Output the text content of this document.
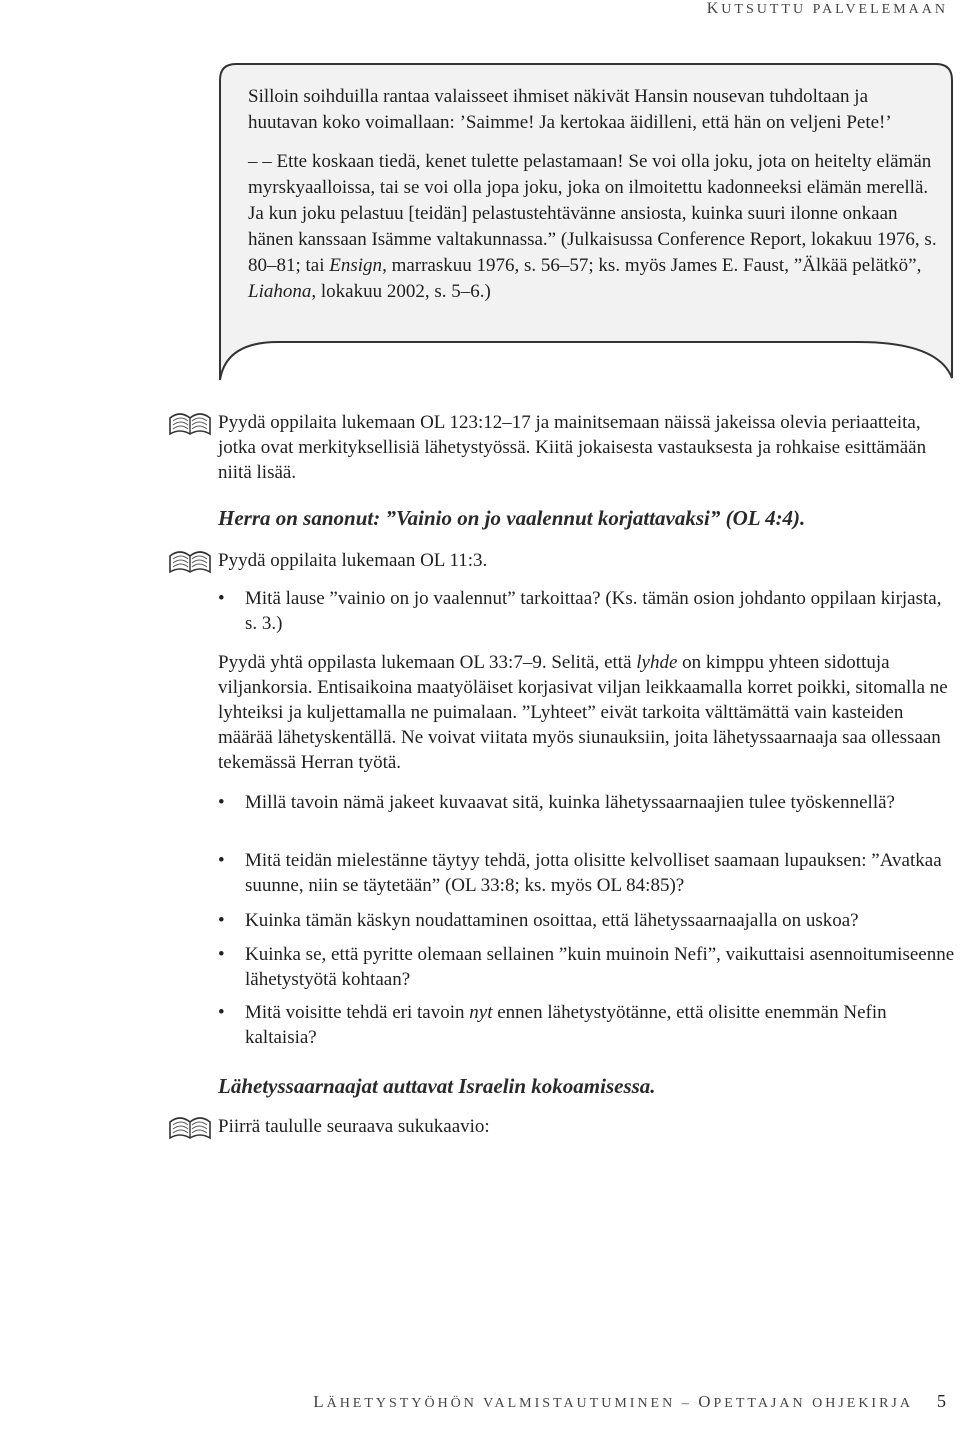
KUTSUTTU PALVELEMAAN

Silloin soihduilla rantaa valaisseet ihmiset näkivät Hansin nousevan tuhdoltaan ja huutavan koko voimallaan: ’Saimme! Ja kertokaa äidilleni, että hän on veljeni Pete!’

– – Ette koskaan tiedä, kenet tulette pelastamaan! Se voi olla joku, jota on heitelty elämän myrskyaalloissa, tai se voi olla jopa joku, joka on ilmoitettu kadonneeksi elämän merellä. Ja kun joku pelastuu [teidän] pelastustehtävänne ansiosta, kuinka suuri ilonne onkaan hänen kanssaan Isämme valtakunnassa.” (Julkaisussa Conference Report, lokakuu 1976, s. 80–81; tai Ensign, marraskuu 1976, s. 56–57; ks. myös James E. Faust, ”Älkää pelätkö”, Liahona, lokakuu 2002, s. 5–6.)

Pyydä oppilaita lukemaan OL 123:12–17 ja mainitsemaan näissä jakeissa olevia periaatteita, jotka ovat merkityksellisiä lähetystyössä. Kiitä jokaisesta vastauksesta ja rohkaise esittämään niitä lisää.

Herra on sanonut: ”Vainio on jo vaalennut korjattavaksi” (OL 4:4).

Pyydä oppilaita lukemaan OL 11:3.

• Mitä lause ”vainio on jo vaalennut” tarkoittaa? (Ks. tämän osion johdanto oppilaan kirjasta, s. 3.)

Pyydä yhtä oppilasta lukemaan OL 33:7–9. Selitä, että lyhde on kimppu yhteen sidottuja viljankorsia. Entisaikoina maatyöläiset korjasivat viljan leikkaamalla korret poikki, sitomalla ne lyhteiksi ja kuljettamalla ne puimalaan. ”Lyhteet” eivät tarkoita välttämättä vain kasteiden määrää lähetyskentällä. Ne voivat viitata myös siunauksiin, joita lähetyssaarnaaja saa ollessaan tekemässä Herran työtä.

• Millä tavoin nämä jakeet kuvaavat sitä, kuinka lähetyssaarnaajien tulee työskennellä?
• Mitä teidän mielestänne täytyy tehdä, jotta olisitte kelvolliset saamaan lupauksen: ”Avatkaa suunne, niin se täytetään” (OL 33:8; ks. myös OL 84:85)?
• Kuinka tämän käskyn noudattaminen osoittaa, että lähetyssaarnaajalla on uskoa?
• Kuinka se, että pyritte olemaan sellainen ”kuin muinoin Nefi”, vaikuttaisi asennoitumiseenne lähetystyötä kohtaan?
• Mitä voisitte tehdä eri tavoin nyt ennen lähetystyötänne, että olisitte enemmän Nefin kaltaisia?
Lähetyssaarnaajat auttavat Israelin kokoamisessa.

Piirrä taululle seuraava sukukaavio:

LÄHETYSTYÖHÖN VALMISTAUTUMINEN – OPETTAJAN OHJEKIRJA 5
